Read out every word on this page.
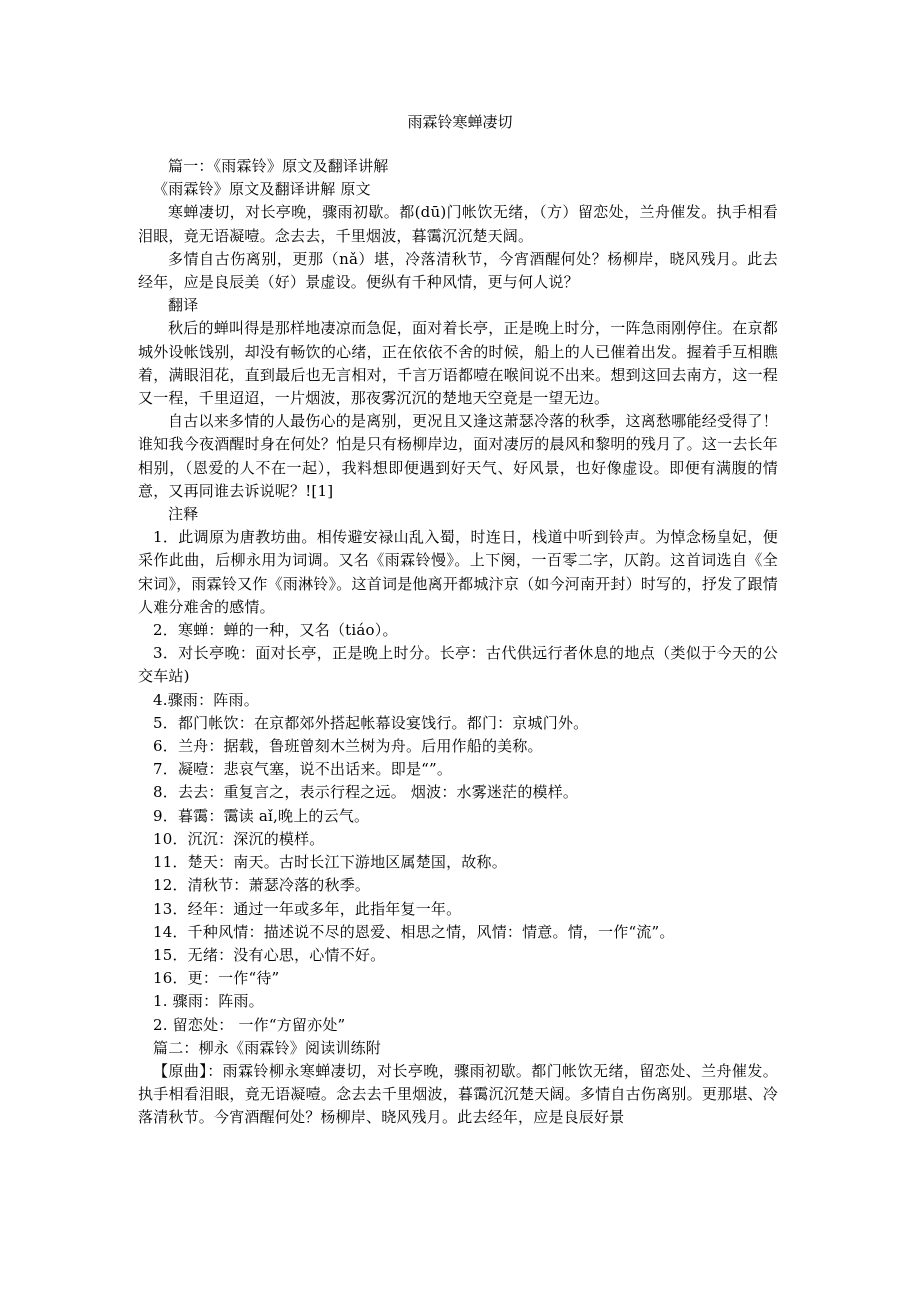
雨霖铃寒蝉凄切

篇一：《雨霖铃》原文及翻译讲解

《雨霖铃》原文及翻译讲解 原文

寒蝉凄切，对长亭晚，骤雨初歇。都(dū)门帐饮无绪，（方）留恋处，兰舟催发。执手相看泪眼，竟无语凝噎。念去去，千里烟波，暮霭沉沉楚天阔。

多情自古伤离别，更那（nǎ）堪，冷落清秋节，今宵酒醒何处？杨柳岸，晓风残月。此去经年，应是良辰美（好）景虚设。便纵有千种风情，更与何人说？

翻译

秋后的蝉叫得是那样地凄凉而急促，面对着长亭，正是晚上时分，一阵急雨刚停住。在京都城外设帐饯别，却没有畅饮的心绪，正在依依不舍的时候，船上的人已催着出发。握着手互相瞧着，满眼泪花，直到最后也无言相对，千言万语都噎在喉间说不出来。想到这回去南方，这一程又一程，千里迢迢，一片烟波，那夜雾沉沉的楚地天空竟是一望无边。

自古以来多情的人最伤心的是离别，更况且又逢这萧瑟冷落的秋季，这离愁哪能经受得了！谁知我今夜酒醒时身在何处？怕是只有杨柳岸边，面对凄厉的晨风和黎明的残月了。这一去长年相别，（恩爱的人不在一起），我料想即便遇到好天气、好风景，也好像虚设。即便有满腹的情意，又再同谁去诉说呢？![1]

注释

1．此调原为唐教坊曲。相传避安禄山乱入蜀，时连日，栈道中听到铃声。为悼念杨皇妃，便采作此曲，后柳永用为词调。又名《雨霖铃慢》。上下阕，一百零二字，仄韵。这首词选自《全宋词》，雨霖铃又作《雨淋铃》。这首词是他离开都城汴京（如今河南开封）时写的，抒发了跟情人难分难舍的感情。

2．寒蝉：蝉的一种，又名（tiáo）。

3．对长亭晚：面对长亭，正是晚上时分。长亭：古代供远行者休息的地点（类似于今天的公交车站)

4.骤雨：阵雨。

5．都门帐饮：在京都郊外搭起帐幕设宴饯行。都门：京城门外。

6．兰舟：据载，鲁班曾刻木兰树为舟。后用作船的美称。

7．凝噎：悲哀气塞，说不出话来。即是“”。

8．去去：重复言之，表示行程之远。 烟波：水雾迷茫的模样。

9．暮霭：霭读 aǐ,晚上的云气。

10．沉沉：深沉的模样。

11．楚天：南天。古时长江下游地区属楚国，故称。

12．清秋节：萧瑟冷落的秋季。

13．经年：通过一年或多年，此指年复一年。

14．千种风情：描述说不尽的恩爱、相思之情，风情：情意。情，一作“流”。

15．无绪：没有心思，心情不好。

16．更：一作“待”

1. 骤雨：阵雨。

2. 留恋处： 一作“方留亦处”

篇二：柳永《雨霖铃》阅读训练附

【原曲】：雨霖铃柳永寒蝉凄切，对长亭晚，骤雨初歇。都门帐饮无绪，留恋处、兰舟催发。执手相看泪眼，竟无语凝噎。念去去千里烟波，暮霭沉沉楚天阔。多情自古伤离别。更那堪、冷落清秋节。今宵酒醒何处？杨柳岸、晓风残月。此去经年，应是良辰好景
